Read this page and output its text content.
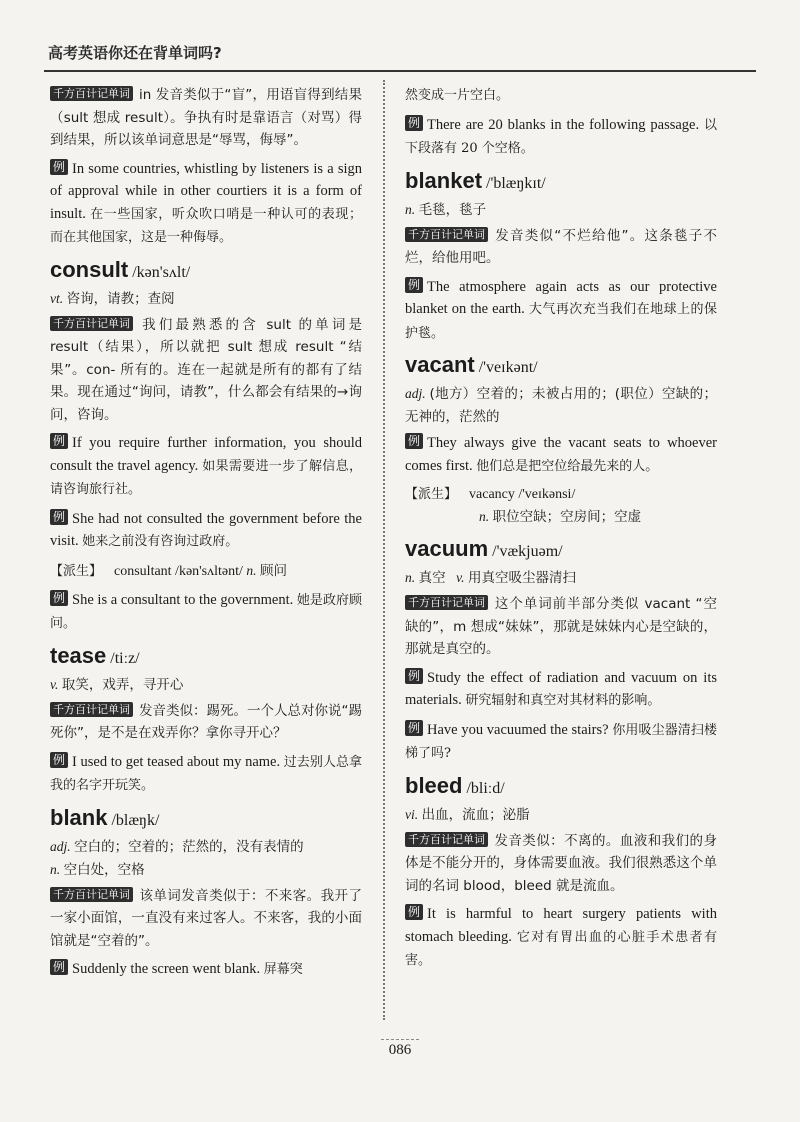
高考英语你还在背单词吗?

千方百计记单词 in 发音类似于“盲”，用语盲得到结果（sult 想成 result）。争执有时是靠语言（对骂）得到结果，所以该单词意思是“辱骂，侮辱”。

例 In some countries, whistling by listeners is a sign of approval while in other courtiers it is a form of insult. 在一些国家，听众吹口哨是一种认可的表现；而在其他国家，这是一种侮辱。

consult /kən'sʌlt/

vt. 咨询，请教；查阅

千方百计记单词 我们最熟悉的含 sult 的单词是 result（结果），所以就把 sult 想成 result “结果”。con- 所有的。连在一起就是所有的都有了结果。现在通过“询问，请教”，什么都会有结果的→询问，咨询。

例 If you require further information, you should consult the travel agency. 如果需要进一步了解信息，请咨询旅行社。

例 She had not consulted the government before the visit. 她来之前没有咨询过政府。

【派生】 consultant /kən'sʌltənt/ n. 顾问

例 She is a consultant to the government. 她是政府顾问。

tease /tiːz/

v. 取笑，戏弄，寻开心

千方百计记单词 发音类似：踢死。一个人总对你说“踢死你”，是不是在戏弄你？拿你寻开心？

例 I used to get teased about my name. 过去别人总拿我的名字开玩笑。

blank /blæŋk/

adj. 空白的；空着的；茫然的，没有表情的

n. 空白处，空格

千方百计记单词 该单词发音类似于：不来客。我开了一家小面馆，一直没有来过客人。不来客，我的小面馆就是“空着的”。

例 Suddenly the screen went blank. 屏幕突

然变成一片空白。

例 There are 20 blanks in the following passage. 以下段落有 20 个空格。

blanket /'blæŋkɪt/

n. 毛毯，毯子

千方百计记单词 发音类似“不烂给他”。这条毯子不烂，给他用吧。

例 The atmosphere again acts as our protective blanket on the earth. 大气再次充当我们在地球上的保护毯。

vacant /'veɪkənt/

adj. (地方）空着的；未被占用的；(职位）空缺的；无神的，茫然的

例 They always give the vacant seats to whoever comes first. 他们总是把空位给最先来的人。

【派生】 vacancy /'veɪkənsi/
n. 职位空缺；空房间；空虚
vacuum /'vækjuəm/

n. 真空 v. 用真空吸尘器清扫

千方百计记单词 这个单词前半部分类似 vacant “空缺的”，m 想成“妹妹”，那就是妹妹内心是空缺的，那就是真空的。

例 Study the effect of radiation and vacuum on its materials. 研究辐射和真空对其材料的影响。

例 Have you vacuumed the stairs? 你用吸尘器清扫楼梯了吗?

bleed /bliːd/

vi. 出血，流血；泌脂

千方百计记单词 发音类似：不离的。血液和我们的身体是不能分开的，身体需要血液。我们很熟悉这个单词的名词 blood，bleed 就是流血。

例 It is harmful to heart surgery patients with stomach bleeding. 它对有胃出血的心脏手术患者有害。

086
